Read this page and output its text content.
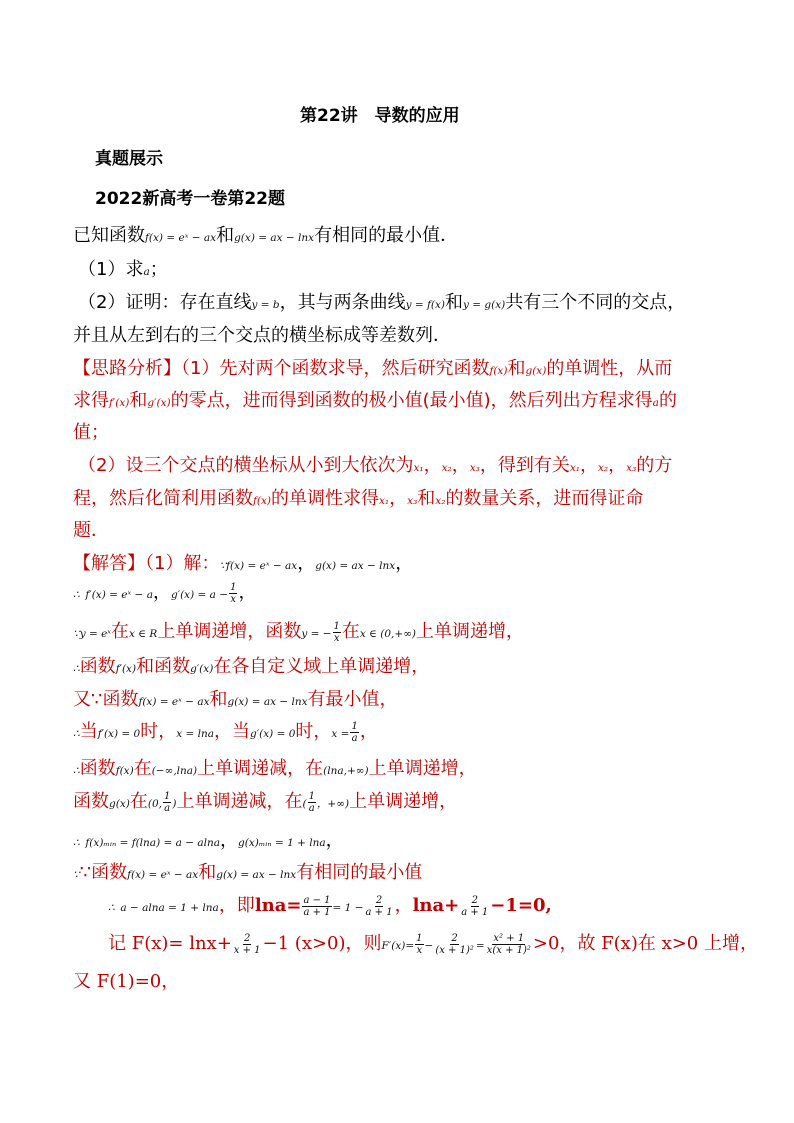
第22讲　导数的应用
真题展示
2022新高考一卷第22题
已知函数f(x) = eˣ − ax和g(x) = ax − lnx有相同的最小值．
（1）求a；
（2）证明：存在直线y = b，其与两条曲线y = f(x)和y = g(x)共有三个不同的交点，
并且从左到右的三个交点的横坐标成等差数列．
【思路分析】（1）先对两个函数求导，然后研究函数f(x)和g(x)的单调性，从而
求得f′(x)和g′(x)的零点，进而得到函数的极小值(最小值)，然后列出方程求得a的
值；
（2）设三个交点的横坐标从小到大依次为x₁，x₂，x₃，得到有关x₁，x₂，x₃的方
程，然后化简利用函数f(x)的单调性求得x₁，x₃和x₂的数量关系，进而得证命
题．
【解答】（1）解：∵f(x) = eˣ − ax，g(x) = ax − lnx，
∴ f′(x) = eˣ − a，$g'(x) = a - \frac{1}{x}$ ，
∵y = eˣ在x ∈ R上单调递增，函数y = − $\frac{1}{x}$ 在x ∈ (0,+∞)上单调递增，
∴函数f′(x)和函数g′(x)在各自定义域上单调递增，
又∵函数f(x) = eˣ − ax和g(x) = ax − lnx有最小值，
∴当f′(x) = 0时，x = lna，当g′(x) = 0时，$x = \frac{1}{a}$ ，
∴函数f(x)在(−∞,lna)上单调递减，在(lna,+∞)上单调递增，
函数g(x)在(0, $\frac{1}{a}$ )上单调递减，在( $\frac{1}{a}$ ，+∞)上单调递增，
∴ f(x)ₘᵢₙ = f(lna) = a − alna，g(x)ₘᵢₙ = 1 + lna，
∵∵函数f(x) = eˣ − ax和g(x) = ax − lnx有相同的最小值
∴ a − alna = 1 + lna，即$\ln a= \frac{a - 1}{a + 1} = 1 - \frac{2}{a + 1}$ ，$\ln a+ \frac{2}{a + 1} -1=0$,
记 $F(x)= \ln x+ \frac{2}{x + 1} -1$ (x>0)，则$F'(x)= \frac{1}{x} - \frac{2}{\text{(x + 1)²}} = \frac{\text{x² + 1}}{\text{x(x + 1)²}} >0$，故 F(x)在 x>0 上增，
又 F(1)=0，
